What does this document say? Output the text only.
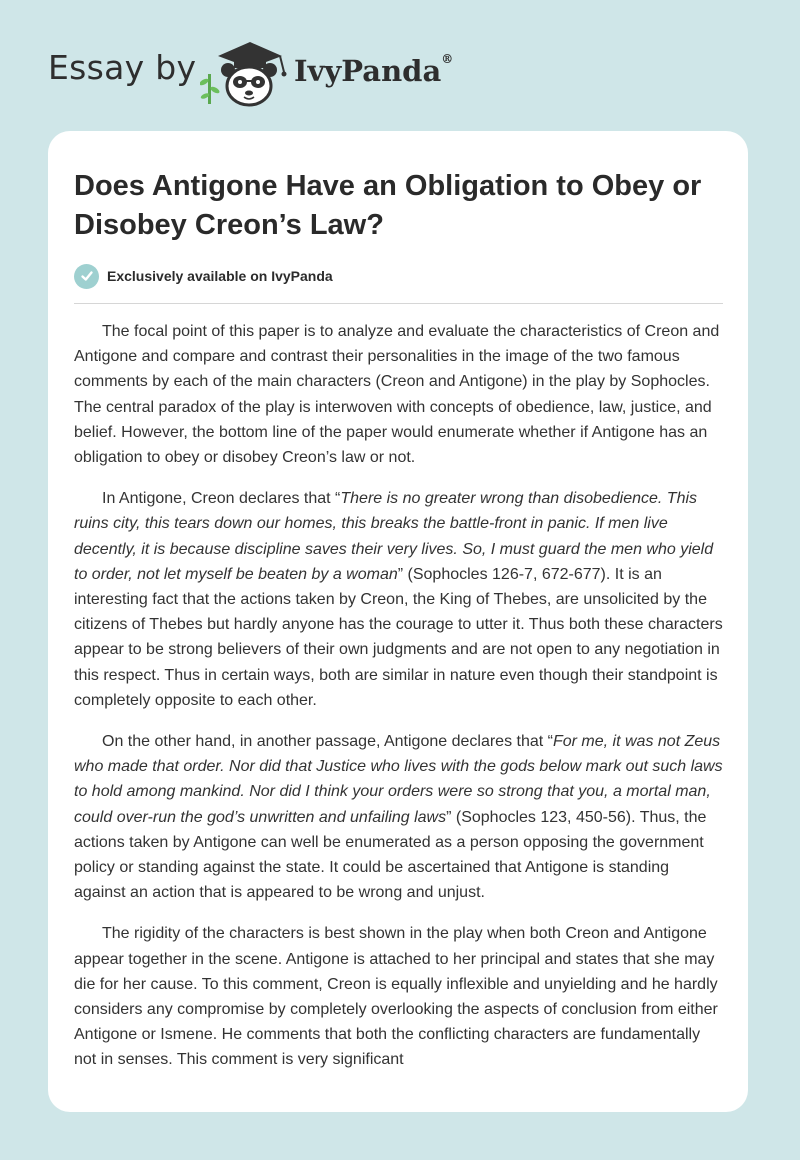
Essay by	IvyPanda®
Does Antigone Have an Obligation to Obey or Disobey Creon’s Law?
Exclusively available on IvyPanda

The focal point of this paper is to analyze and evaluate the characteristics of Creon and Antigone and compare and contrast their personalities in the image of the two famous comments by each of the main characters (Creon and Antigone) in the play by Sophocles. The central paradox of the play is interwoven with concepts of obedience, law, justice, and belief. However, the bottom line of the paper would enumerate whether if Antigone has an obligation to obey or disobey Creon’s law or not.

In Antigone, Creon declares that “There is no greater wrong than disobedience. This ruins city, this tears down our homes, this breaks the battle-front in panic. If men live decently, it is because discipline saves their very lives. So, I must guard the men who yield to order, not let myself be beaten by a woman” (Sophocles 126-7, 672-677). It is an interesting fact that the actions taken by Creon, the King of Thebes, are unsolicited by the citizens of Thebes but hardly anyone has the courage to utter it. Thus both these characters appear to be strong believers of their own judgments and are not open to any negotiation in this respect. Thus in certain ways, both are similar in nature even though their standpoint is completely opposite to each other.

On the other hand, in another passage, Antigone declares that “For me, it was not Zeus who made that order. Nor did that Justice who lives with the gods below mark out such laws to hold among mankind. Nor did I think your orders were so strong that you, a mortal man, could over-run the god’s unwritten and unfailing laws” (Sophocles 123, 450-56). Thus, the actions taken by Antigone can well be enumerated as a person opposing the government policy or standing against the state. It could be ascertained that Antigone is standing against an action that is appeared to be wrong and unjust.

The rigidity of the characters is best shown in the play when both Creon and Antigone appear together in the scene. Antigone is attached to her principal and states that she may die for her cause. To this comment, Creon is equally inflexible and unyielding and he hardly considers any compromise by completely overlooking the aspects of conclusion from either Antigone or Ismene. He comments that both the conflicting characters are fundamentally not in senses. This comment is very significant
